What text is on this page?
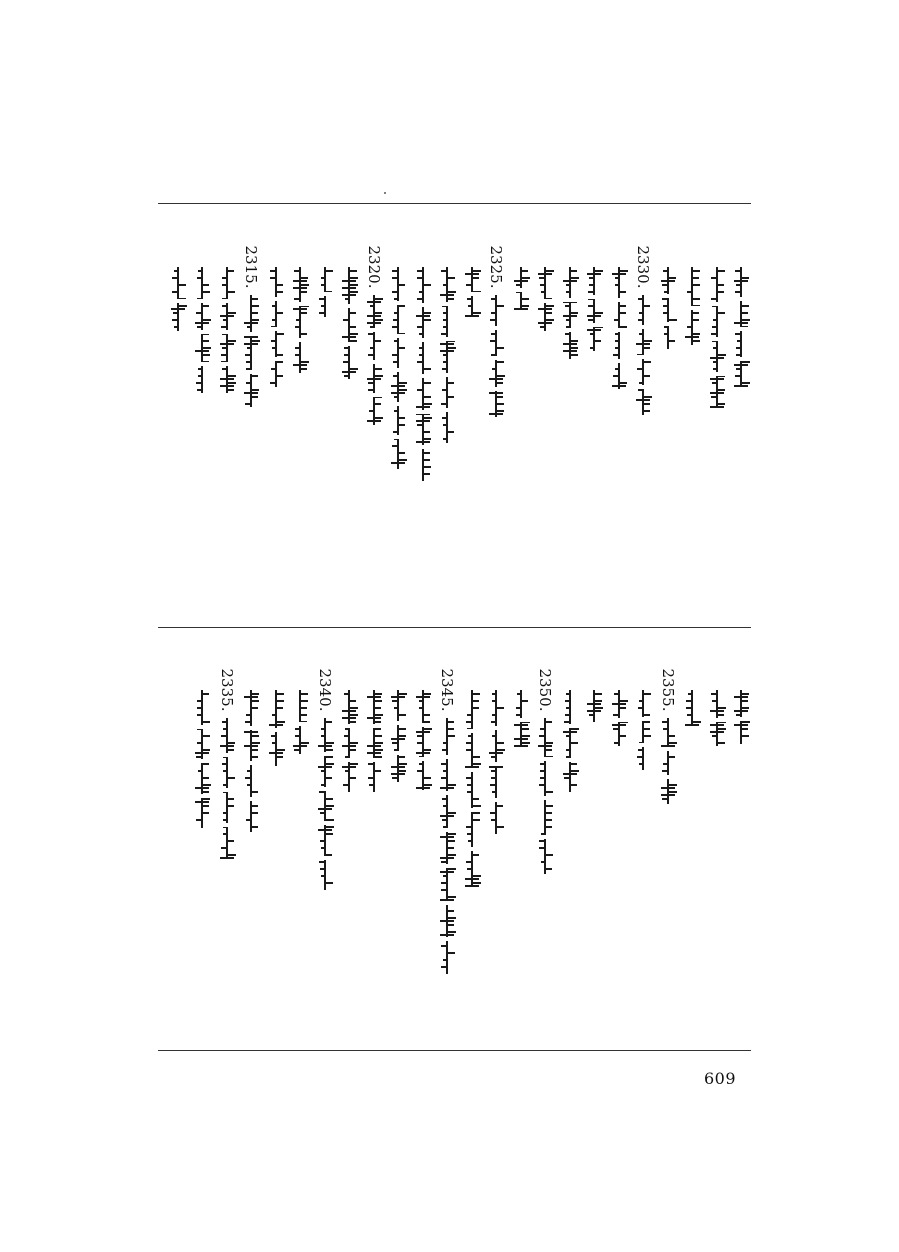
2330.
2325.
2320.
2315.
2355.
2350.
2345.
2340.
2335.
609
